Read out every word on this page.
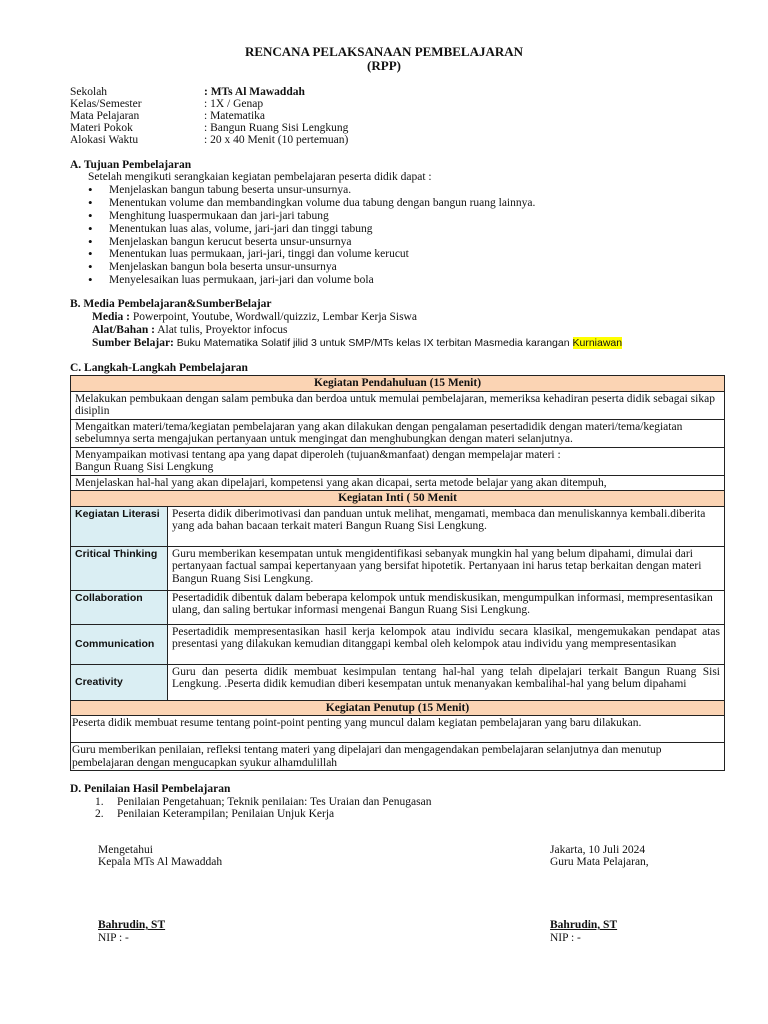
RENCANA PELAKSANAAN PEMBELAJARAN
(RPP)
Sekolah	: MTs Al Mawaddah
Kelas/Semester	: 1X / Genap
Mata Pelajaran	: Matematika
Materi Pokok	: Bangun Ruang Sisi Lengkung
Alokasi Waktu	: 20 x 40 Menit (10 pertemuan)
A. Tujuan Pembelajaran
Setelah mengikuti serangkaian kegiatan pembelajaran peserta didik dapat :
• Menjelaskan bangun tabung beserta unsur-unsurnya.
• Menentukan volume dan membandingkan volume dua tabung dengan bangun ruang lainnya.
• Menghitung luaspermukaan dan jari-jari tabung
• Menentukan luas alas, volume, jari-jari dan tinggi tabung
• Menjelaskan bangun kerucut beserta unsur-unsurnya
• Menentukan luas permukaan, jari-jari, tinggi dan volume kerucut
• Menjelaskan bangun bola beserta unsur-unsurnya
• Menyelesaikan luas permukaan, jari-jari dan volume bola
B. Media Pembelajaran&SumberBelajar
Media : Powerpoint, Youtube, Wordwall/quizziz, Lembar Kerja Siswa
Alat/Bahan : Alat tulis, Proyektor infocus
Sumber Belajar: Buku Matematika Solatif jilid 3 untuk SMP/MTs kelas IX terbitan Masmedia karangan Kurniawan
C. Langkah-Langkah Pembelajaran
Kegiatan Pendahuluan (15 Menit)	
Melakukan pembukaan dengan salam pembuka dan berdoa untuk memulai pembelajaran, memeriksa kehadiran peserta didik sebagai sikap disiplin	
Mengaitkan materi/tema/kegiatan pembelajaran yang akan dilakukan dengan pengalaman pesertadidik dengan materi/tema/kegiatan sebelumnya serta mengajukan pertanyaan untuk mengingat dan menghubungkan dengan materi selanjutnya.	

Menyampaikan motivasi tentang apa yang dapat diperoleh (tujuan&manfaat) dengan mempelajar materi :
Bangun Ruang Sisi Lengkung	

Menjelaskan hal-hal yang akan dipelajari, kompetensi yang akan dicapai, serta metode belajar yang akan ditempuh,	
Kegiatan Inti ( 50 Menit	
Kegiatan Literasi	Peserta didik diberimotivasi dan panduan untuk melihat, mengamati, membaca dan menuliskannya kembali.diberita yang ada bahan bacaan terkait materi Bangun Ruang Sisi Lengkung.
Critical Thinking	Guru memberikan kesempatan untuk mengidentifikasi sebanyak mungkin hal yang belum dipahami, dimulai dari pertanyaan factual sampai kepertanyaan yang bersifat hipotetik. Pertanyaan ini harus tetap berkaitan dengan materi Bangun Ruang Sisi Lengkung.
Collaboration	Pesertadidik dibentuk dalam beberapa kelompok untuk mendiskusikan, mengumpulkan informasi, mempresentasikan ulang, dan saling bertukar informasi mengenai Bangun Ruang Sisi Lengkung.
Communication	Pesertadidik mempresentasikan hasil kerja kelompok atau individu secara klasikal, mengemukakan pendapat atas presentasi yang dilakukan kemudian ditanggapi kembal oleh kelompok atau individu yang mempresentasikan
Creativity	Guru dan peserta didik membuat kesimpulan tentang hal-hal yang telah dipelajari terkait Bangun Ruang Sisi Lengkung. .Peserta didik kemudian diberi kesempatan untuk menanyakan kembalihal-hal yang belum dipahami
Kegiatan Penutup (15 Menit)	
Peserta didik membuat resume tentang point-point penting yang muncul dalam kegiatan pembelajaran yang baru dilakukan.	
Guru memberikan penilaian, refleksi tentang materi yang dipelajari dan mengagendakan pembelajaran selanjutnya dan menutup pembelajaran dengan mengucapkan syukur alhamdulillah	
D. Penilaian Hasil Pembelajaran
1. Penilaian Pengetahuan; Teknik penilaian: Tes Uraian dan Penugasan
2. Penilaian Keterampilan; Penilaian Unjuk Kerja
Mengetahui
Kepala MTs Al Mawaddah
Bahrudin, ST
NIP : -
Jakarta, 10 Juli 2024
Guru Mata Pelajaran,
Bahrudin, ST
NIP : -
